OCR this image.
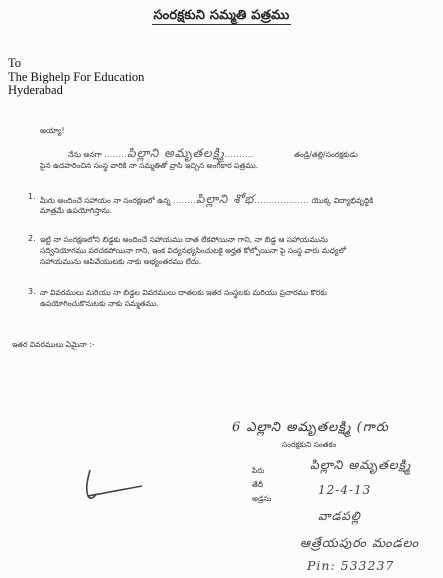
సంరక్షకుని సమ్మతి పత్రము
To
The Bighelp For Education
Hyderabad
అయ్యా!
నేను అనగా ........పిల్లాని అమృతలక్ష్మి..........	తండ్రి/తల్లి/సంరక్షకుడు
పైన ఉదహరించిన సంస్థ వారికి నా సమ్మతితో వ్రాసి ఇచ్చిన అంగీకార పత్రము.
1. మీరు అందించే సహాయం నా సంరక్షణలో ఉన్న ........పిల్లాని శోభ................... యొక్క విద్యాభివృద్ధికి
మాత్రమే ఉపయోగిస్తాను.
2. ఇట్టి నా సంరక్షణలోని బిడ్డకు అందించే సహాయము దాత లేకపోయినా గాని, నా బిడ్డ ఆ సహాయమును
సద్వినియోగము పరచకపోయినా గాని, ఇంక విద్యనభ్యసించుటకై అర్హత కోల్పోయినా పై సంస్థ వారు మధ్యలో
సహాయమును ఆపివేయుటకు నాకు అభ్యంతరము లేదు.
3. నా వివరములు మరియు నా బిడ్డల వివరములు దాతలకు ఇతర సంస్థలకు మరియు ప్రచారము కొరకు
ఉపయోగించుకొనుటకు నాకు సమ్మతము.
ఇతర వివరములు ఏమైనా :-
6 ఎల్లాని అమృతలక్ష్మి (గారు
సంరక్షకుని సంతకం
పేరు	పిల్లాని అమృతలక్ష్మి
తేదీ	12-4-13
అడ్రసు
వాడపల్లి
ఆత్రేయపురం మండలం
Pin: 533237
